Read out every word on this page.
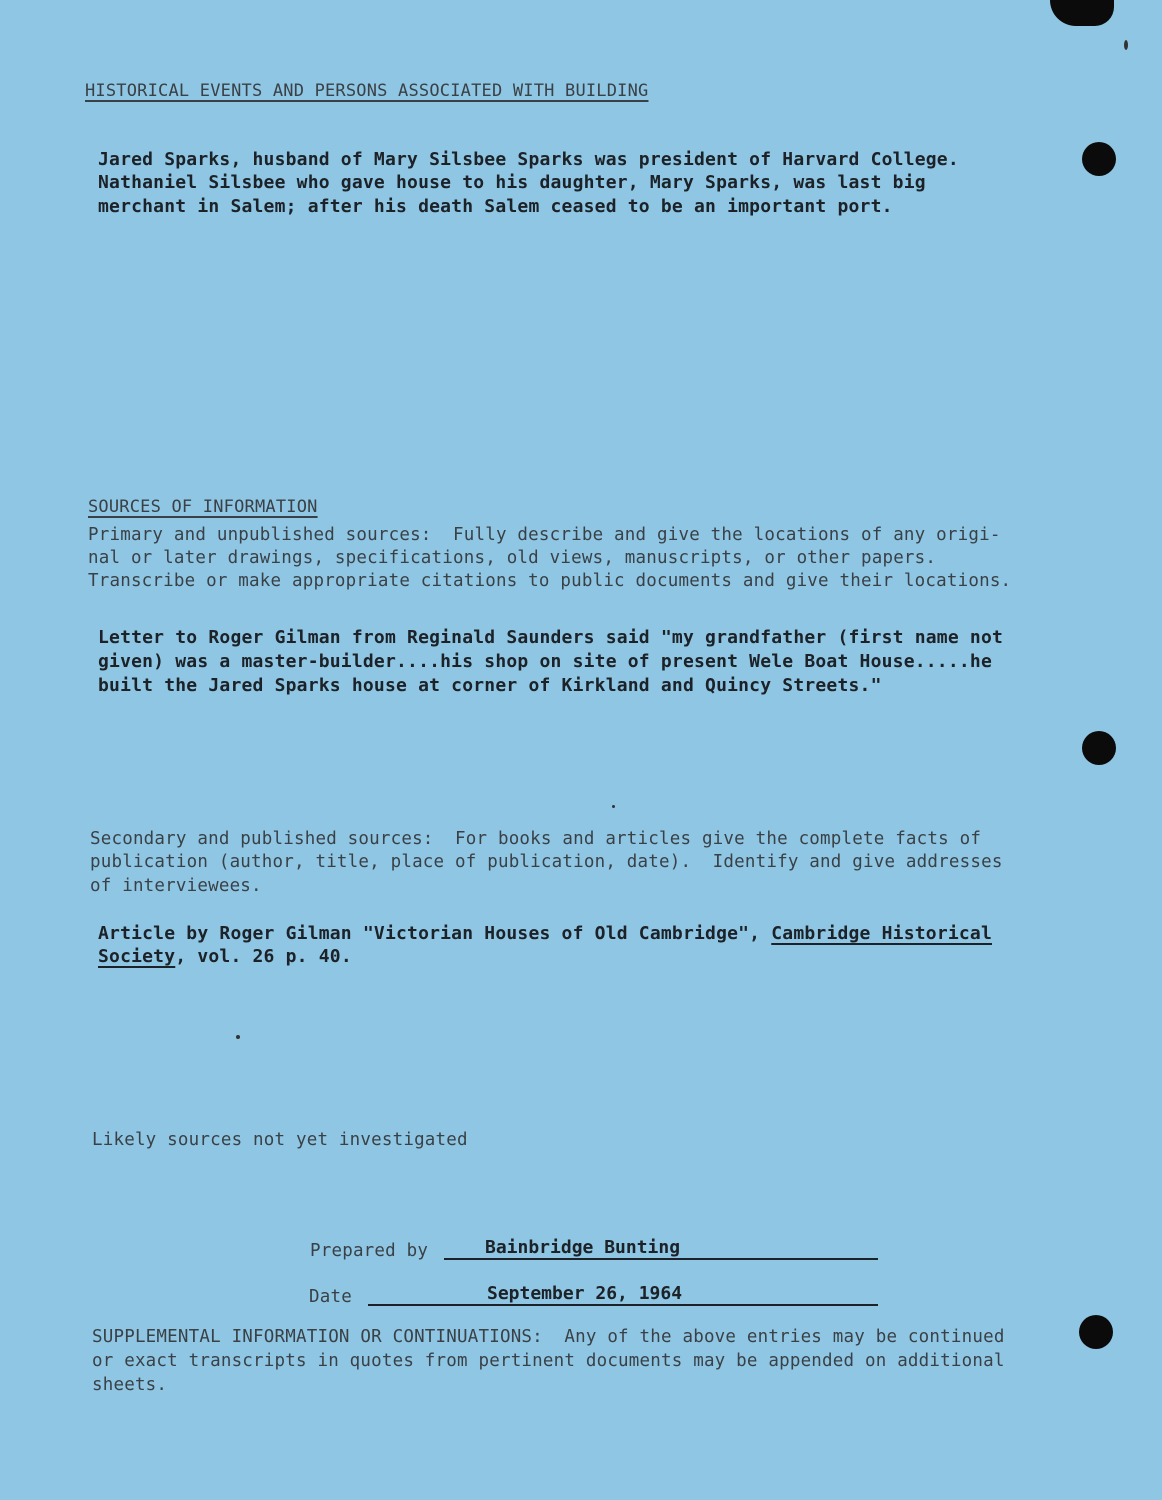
HISTORICAL EVENTS AND PERSONS ASSOCIATED WITH BUILDING
Jared Sparks, husband of Mary Silsbee Sparks was president of Harvard College.
Nathaniel Silsbee who gave house to his daughter, Mary Sparks, was last big
merchant in Salem; after his death Salem ceased to be an important port.
SOURCES OF INFORMATION
Primary and unpublished sources:  Fully describe and give the locations of any origi-
nal or later drawings, specifications, old views, manuscripts, or other papers.
Transcribe or make appropriate citations to public documents and give their locations.
Letter to Roger Gilman from Reginald Saunders said "my grandfather (first name not
given) was a master-builder....his shop on site of present Wele Boat House.....he
built the Jared Sparks house at corner of Kirkland and Quincy Streets."
Secondary and published sources:  For books and articles give the complete facts of
publication (author, title, place of publication, date).  Identify and give addresses
of interviewees.
Article by Roger Gilman "Victorian Houses of Old Cambridge", Cambridge Historical
Society, vol. 26 p. 40.
Likely sources not yet investigated
Prepared by	Bainbridge Bunting
Date	September 26, 1964
SUPPLEMENTAL INFORMATION OR CONTINUATIONS:  Any of the above entries may be continued
or exact transcripts in quotes from pertinent documents may be appended on additional
sheets.
